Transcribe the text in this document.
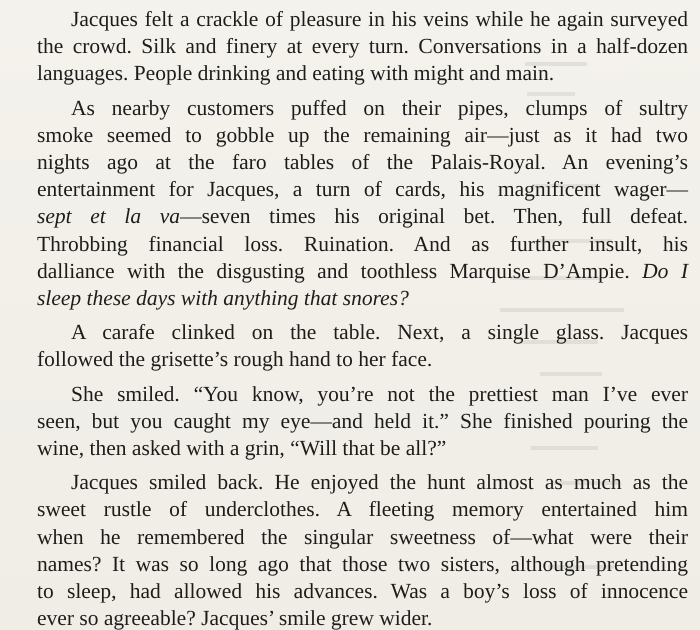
Jacques felt a crackle of pleasure in his veins while he again surveyed
the crowd. Silk and finery at every turn. Conversations in a half-dozen
languages. People drinking and eating with might and main.
As nearby customers puffed on their pipes, clumps of sultry
smoke seemed to gobble up the remaining air—just as it had two
nights ago at the faro tables of the Palais-Royal. An evening’s
entertainment for Jacques, a turn of cards, his magnificent wager—
sept et la va—seven times his original bet. Then, full defeat.
Throbbing financial loss. Ruination. And as further insult, his
dalliance with the disgusting and toothless Marquise D’Ampie. Do I
sleep these days with anything that snores?
A carafe clinked on the table. Next, a single glass. Jacques
followed the grisette’s rough hand to her face.
She smiled. “You know, you’re not the prettiest man I’ve ever
seen, but you caught my eye—and held it.” She finished pouring the
wine, then asked with a grin, “Will that be all?”
Jacques smiled back. He enjoyed the hunt almost as much as the
sweet rustle of underclothes. A fleeting memory entertained him
when he remembered the singular sweetness of—what were their
names? It was so long ago that those two sisters, although pretending
to sleep, had allowed his advances. Was a boy’s loss of innocence
ever so agreeable? Jacques’ smile grew wider.
